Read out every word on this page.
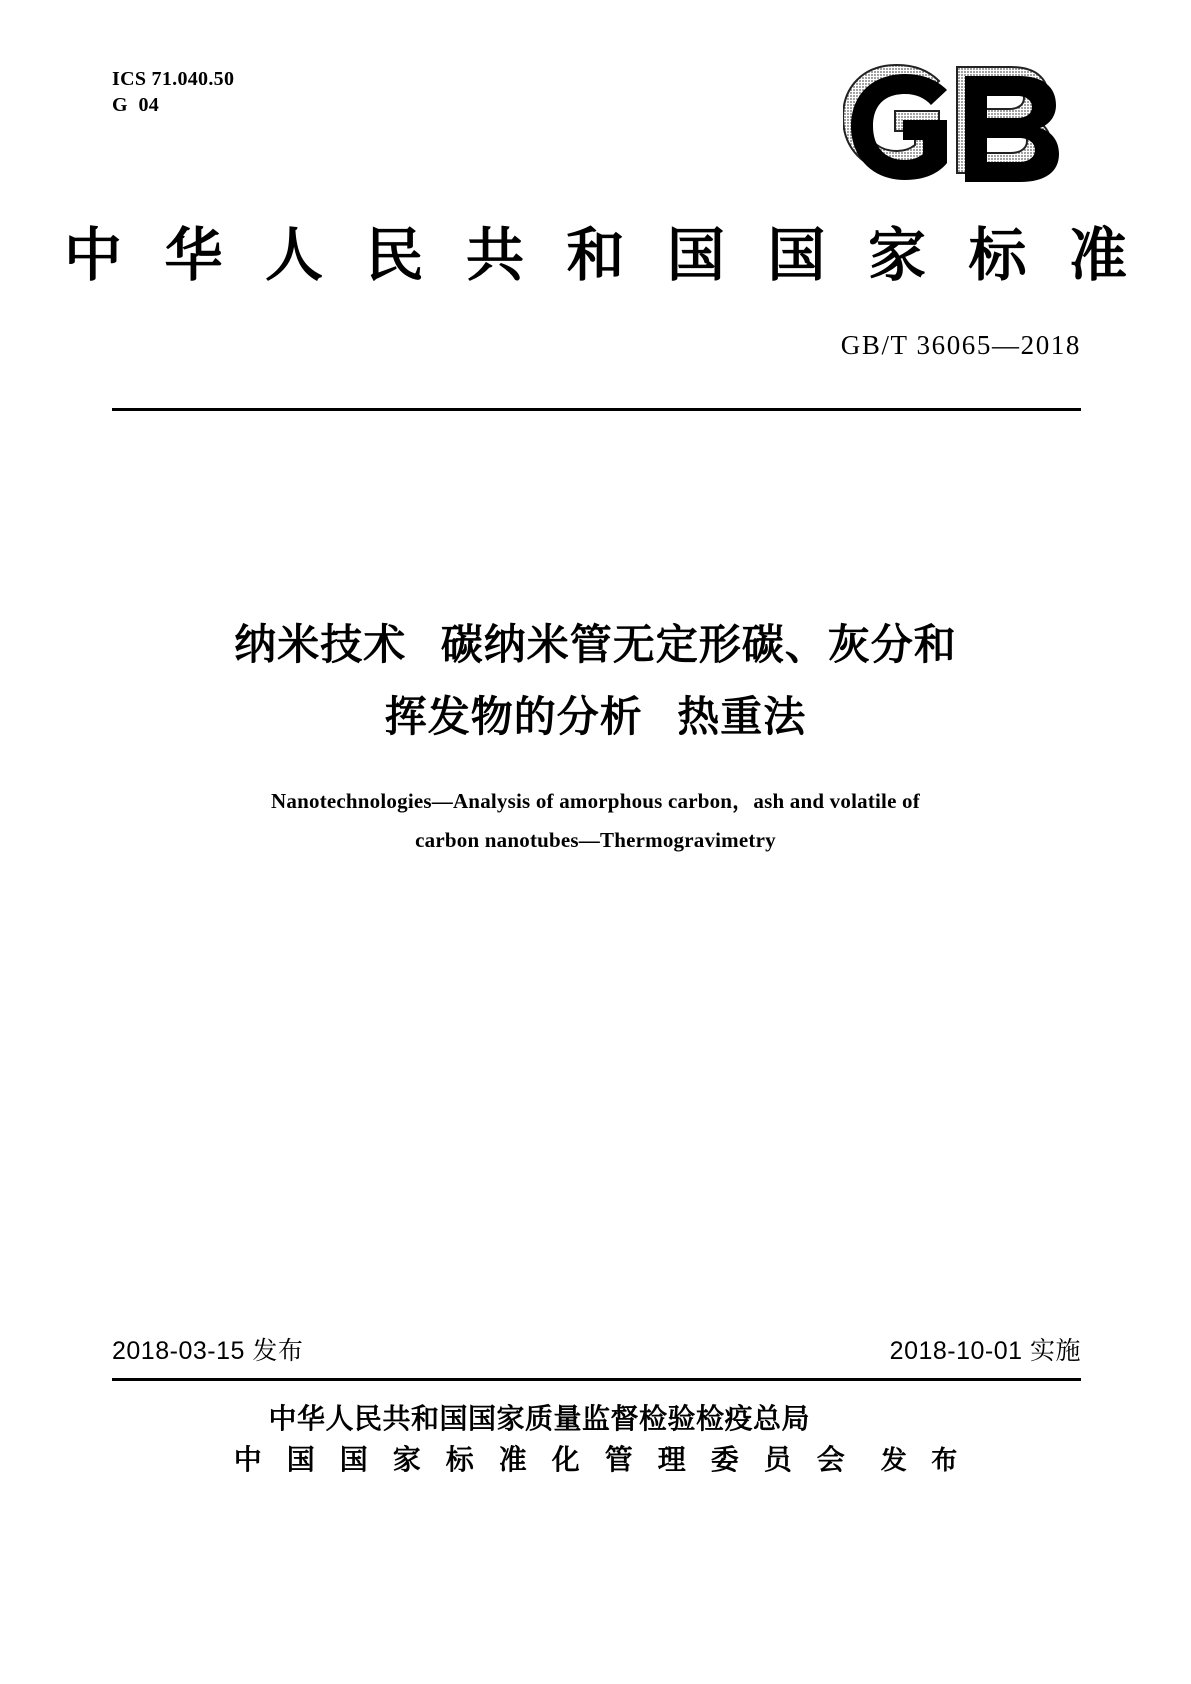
ICS 71.040.50
G  04
中 华 人 民 共 和 国 国 家 标 准
GB/T 36065—2018
纳米技术   碳纳米管无定形碳、灰分和
挥发物的分析   热重法
Nanotechnologies—Analysis of amorphous carbon，ash and volatile of
carbon nanotubes—Thermogravimetry
2018-03-15 发布	2018-10-01 实施
中华人民共和国国家质量监督检验检疫总局
中 国 国 家 标 准 化 管 理 委 员 会	发 布
